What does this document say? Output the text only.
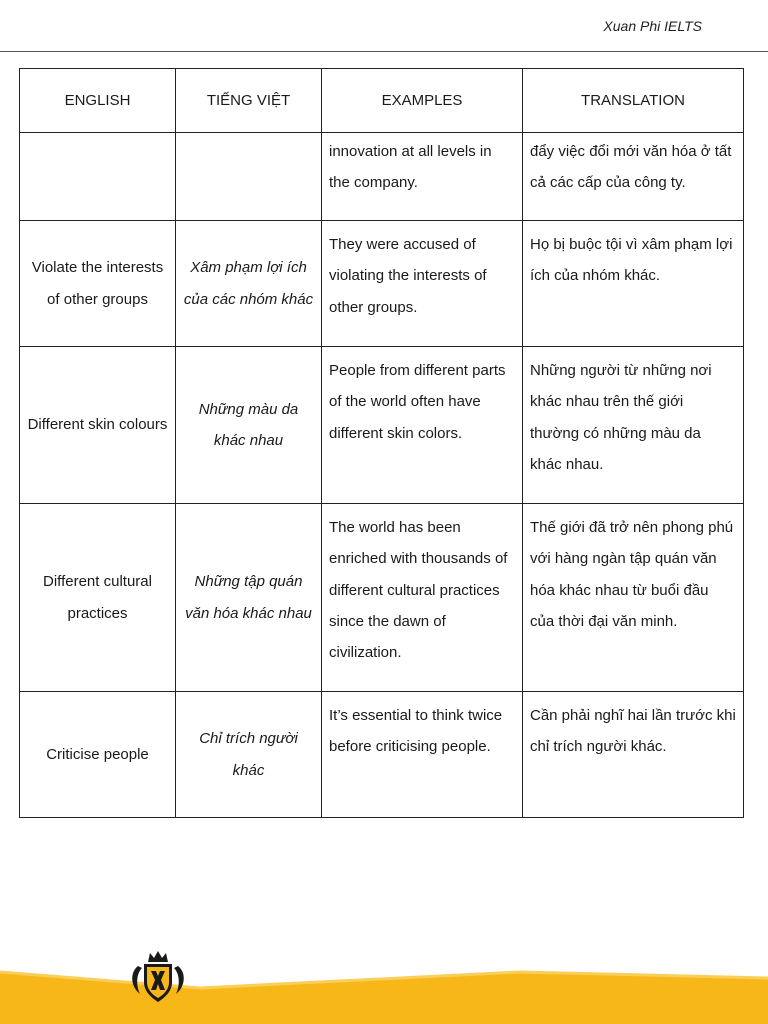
Xuan Phi IELTS
ENGLISH	TIẾNG VIỆT	EXAMPLES	TRANSLATION
		innovation at all levels in the company.	đẩy việc đổi mới văn hóa ở tất cả các cấp của công ty.
Violate the interests of other groups	Xâm phạm lợi ích của các nhóm khác	They were accused of violating the interests of other groups.	Họ bị buộc tội vì xâm phạm lợi ích của nhóm khác.
Different skin colours	Những màu da khác nhau	People from different parts of the world often have different skin colors.	Những người từ những nơi khác nhau trên thế giới thường có những màu da khác nhau.
Different cultural practices	Những tập quán văn hóa khác nhau	The world has been enriched with thousands of different cultural practices since the dawn of civilization.	Thế giới đã trở nên phong phú với hàng ngàn tập quán văn hóa khác nhau từ buổi đầu của thời đại văn minh.
Criticise people	Chỉ trích người khác	It’s essential to think twice before criticising people.	Cần phải nghĩ hai lần trước khi chỉ trích người khác.
